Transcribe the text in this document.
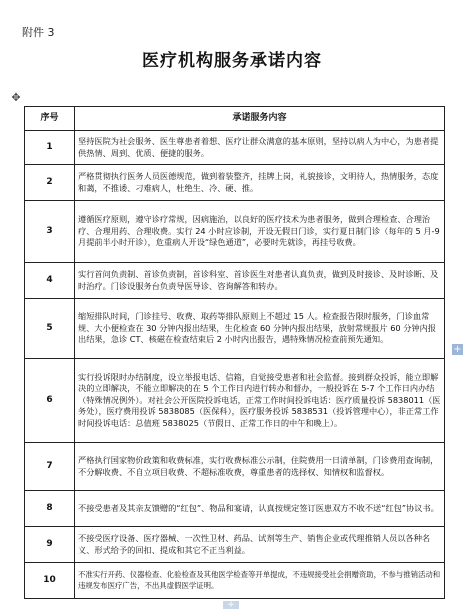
附件 3
医疗机构服务承诺内容
✥
序号	承诺服务内容
1	坚持医院为社会服务、医生尊患者着想、医疗让群众满意的基本原则，坚持以病人为中心，为患者提供热情、周到、优质、便捷的服务。
2	严格贯彻执行医务人员医德规范，做到着装整齐，挂牌上岗，礼貌接诊，文明待人，热情服务，态度和蔼，不推诿、刁难病人，杜绝生、冷、硬、推。
3	遵循医疗原则，遵守诊疗常规，因病施治，以良好的医疗技术为患者服务，做到合理检查、合理治疗、合理用药、合理收费。实行 24 小时应诊制，开设无假日门诊，实行夏日制门诊（每年的 5 月-9 月提前半小时开诊），危重病人开设“绿色通道”，必要时先就诊，再挂号收费。
4	实行首问负责制、首诊负责制，首诊科室、首诊医生对患者认真负责，做到及时接诊、及时诊断、及时治疗。门诊设服务台负责导医导诊、咨询解答和转办。
5	缩短排队时间，门诊挂号、收费、取药等排队原则上不超过 15 人。检查报告限时服务，门诊血常规、大小便检查在 30 分钟内报出结果，生化检查 60 分钟内报出结果，放射常规报片 60 分钟内报出结果，急诊 CT、核磁在检查结束后 2 小时内出报告，遇特殊情况检查前预先通知。
6	实行投诉限时办结制度，设立举报电话、信箱，自觉接受患者和社会监督。接到群众投诉，能立即解决的立即解决，不能立即解决的在 5 个工作日内进行转办和督办，一般投诉在 5-7 个工作日内办结（特殊情况例外）。对社会公开医院投诉电话，正常工作时间投诉电话：医疗质量投诉 5838011（医务处），医疗费用投诉 5838085（医保科），医疗服务投诉 5838531（投诉管理中心），非正常工作时间投诉电话：总值班 5838025（节假日、正常工作日的中午和晚上）。
7	严格执行国家物价政策和收费标准，实行收费标准公示制，住院费用一日清单制，门诊费用查询制，不分解收费、不自立项目收费、不超标准收费，尊重患者的选择权、知情权和监督权。
8	不接受患者及其亲友馈赠的“红包”、物品和宴请，认真按规定签订医患双方不收不送“红包”协议书。
9	不接受医疗设备、医疗器械、一次性卫材、药品、试剂等生产、销售企业或代理推销人员以各种名义、形式给予的回扣、提成和其它不正当利益。
10	不准实行开药、仪器检查、化验检查及其他医学检查等开单提成，不违规接受社会捐赠资助，不参与推销活动和违规发布医疗广告，不出具虚假医学证明。
+
+
